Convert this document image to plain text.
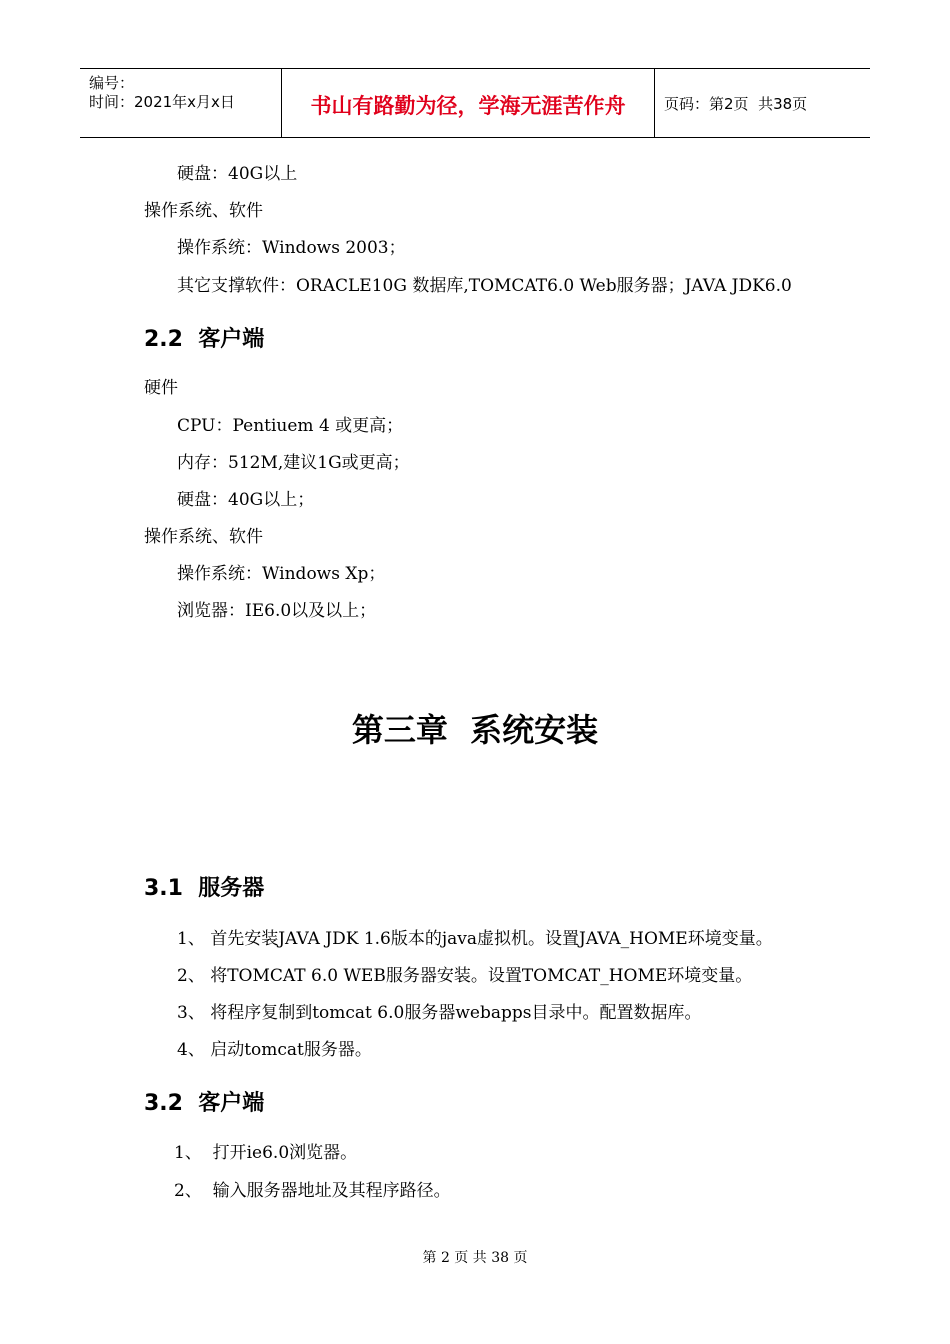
编号：
时间：2021年x月x日	书山有路勤为径，学海无涯苦作舟	页码：第2页  共38页
硬盘：40G以上
操作系统、软件
操作系统：Windows 2003；
其它支撑软件：ORACLE10G 数据库,TOMCAT6.0 Web服务器；JAVA JDK6.0
2.2  客户端
硬件
CPU：Pentiuem 4 或更高；
内存：512M,建议1G或更高；
硬盘：40G以上；
操作系统、软件
操作系统：Windows Xp；
浏览器：IE6.0以及以上；
第三章  系统安装
3.1  服务器
1、 首先安装JAVA JDK 1.6版本的java虚拟机。设置JAVA_HOME环境变量。
2、 将TOMCAT 6.0 WEB服务器安装。设置TOMCAT_HOME环境变量。
3、 将程序复制到tomcat 6.0服务器webapps目录中。配置数据库。
4、 启动tomcat服务器。
3.2  客户端
1、  打开ie6.0浏览器。
2、  输入服务器地址及其程序路径。
第 2 页 共 38 页
